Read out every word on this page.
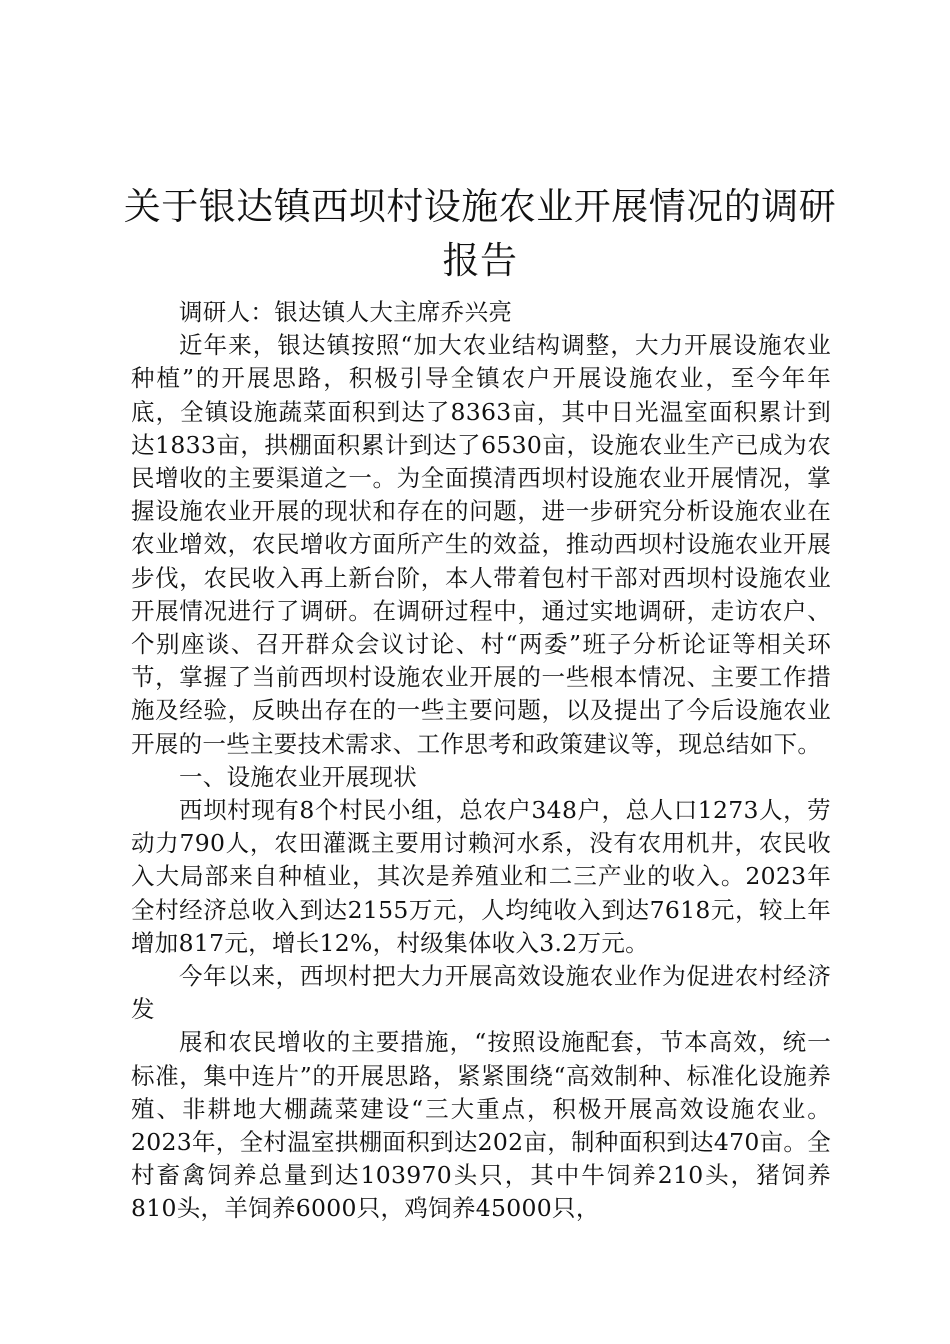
关于银达镇西坝村设施农业开展情况的调研报告

调研人：银达镇人大主席乔兴亮

近年来，银达镇按照“加大农业结构调整，大力开展设施农业种植”的开展思路，积极引导全镇农户开展设施农业，至今年年底，全镇设施蔬菜面积到达了8363亩，其中日光温室面积累计到达1833亩，拱棚面积累计到达了6530亩，设施农业生产已成为农民增收的主要渠道之一。为全面摸清西坝村设施农业开展情况，掌握设施农业开展的现状和存在的问题，进一步研究分析设施农业在农业增效，农民增收方面所产生的效益，推动西坝村设施农业开展步伐，农民收入再上新台阶，本人带着包村干部对西坝村设施农业开展情况进行了调研。在调研过程中，通过实地调研，走访农户、个别座谈、召开群众会议讨论、村“两委”班子分析论证等相关环节，掌握了当前西坝村设施农业开展的一些根本情况、主要工作措施及经验，反映出存在的一些主要问题，以及提出了今后设施农业开展的一些主要技术需求、工作思考和政策建议等，现总结如下。

一、设施农业开展现状

西坝村现有8个村民小组，总农户348户，总人口1273人，劳动力790人，农田灌溉主要用讨赖河水系，没有农用机井，农民收入大局部来自种植业，其次是养殖业和二三产业的收入。2023年全村经济总收入到达2155万元，人均纯收入到达7618元，较上年增加817元，增长12%，村级集体收入3.2万元。

今年以来，西坝村把大力开展高效设施农业作为促进农村经济发

展和农民增收的主要措施，“按照设施配套，节本高效，统一标准，集中连片”的开展思路，紧紧围绕“高效制种、标准化设施养殖、非耕地大棚蔬菜建设“三大重点，积极开展高效设施农业。2023年，全村温室拱棚面积到达202亩，制种面积到达470亩。全村畜禽饲养总量到达103970头只，其中牛饲养210头，猪饲养810头，羊饲养6000只，鸡饲养45000只，
